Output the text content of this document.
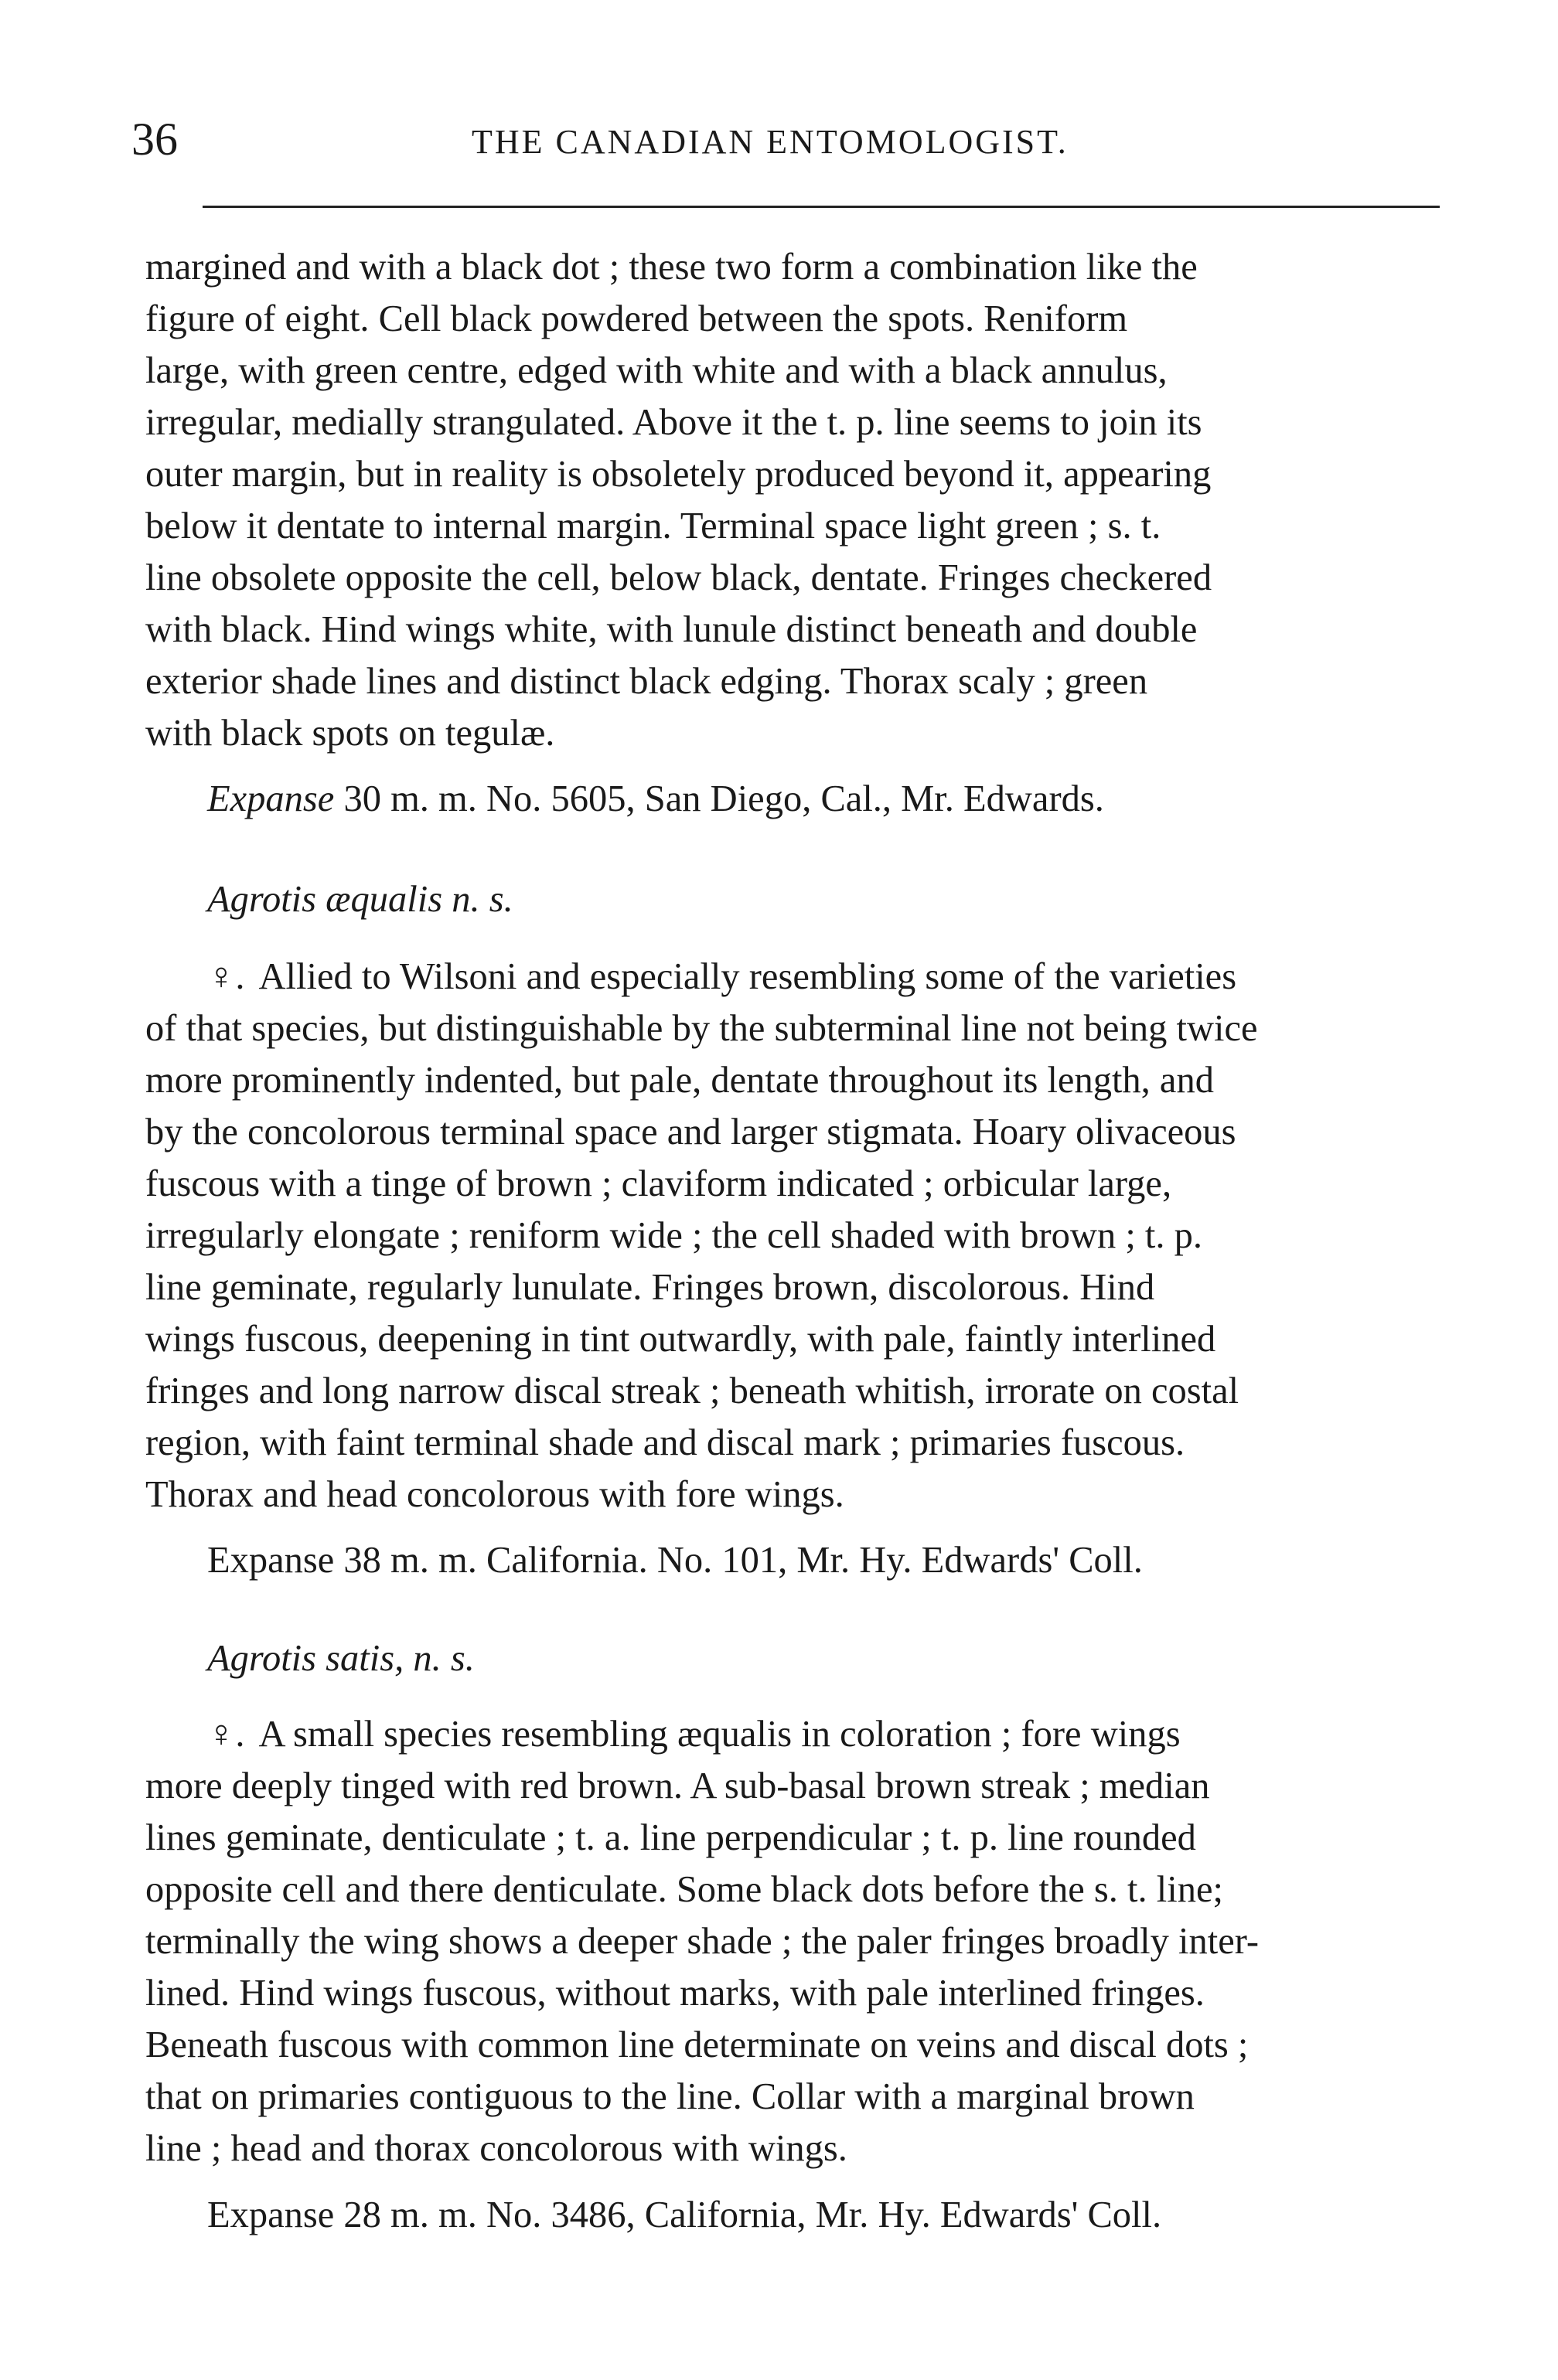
36	THE CANADIAN ENTOMOLOGIST.

margined and with a black dot ; these two form a combination like the

figure of eight. Cell black powdered between the spots. Reniform

large, with green centre, edged with white and with a black annulus,

irregular, medially strangulated. Above it the t. p. line seems to join its

outer margin, but in reality is obsoletely produced beyond it, appearing

below it dentate to internal margin. Terminal space light green ; s. t.

line obsolete opposite the cell, below black, dentate. Fringes checkered

with black. Hind wings white, with lunule distinct beneath and double

exterior shade lines and distinct black edging. Thorax scaly ; green

with black spots on tegulæ.

Expanse 30 m. m. No. 5605, San Diego, Cal., Mr. Edwards.
Agrotis æqualis n. s.

♀. Allied to Wilsoni and especially resembling some of the varieties

of that species, but distinguishable by the subterminal line not being twice

more prominently indented, but pale, dentate throughout its length, and

by the concolorous terminal space and larger stigmata. Hoary olivaceous

fuscous with a tinge of brown ; claviform indicated ; orbicular large,

irregularly elongate ; reniform wide ; the cell shaded with brown ; t. p.

line geminate, regularly lunulate. Fringes brown, discolorous. Hind

wings fuscous, deepening in tint outwardly, with pale, faintly interlined

fringes and long narrow discal streak ; beneath whitish, irrorate on costal

region, with faint terminal shade and discal mark ; primaries fuscous.

Thorax and head concolorous with fore wings.

Expanse 38 m. m. California. No. 101, Mr. Hy. Edwards' Coll.
Agrotis satis, n. s.

♀. A small species resembling æqualis in coloration ; fore wings

more deeply tinged with red brown. A sub-basal brown streak ; median

lines geminate, denticulate ; t. a. line perpendicular ; t. p. line rounded

opposite cell and there denticulate. Some black dots before the s. t. line;

terminally the wing shows a deeper shade ; the paler fringes broadly inter-

lined. Hind wings fuscous, without marks, with pale interlined fringes.

Beneath fuscous with common line determinate on veins and discal dots ;

that on primaries contiguous to the line. Collar with a marginal brown

line ; head and thorax concolorous with wings.

Expanse 28 m. m. No. 3486, California, Mr. Hy. Edwards' Coll.
